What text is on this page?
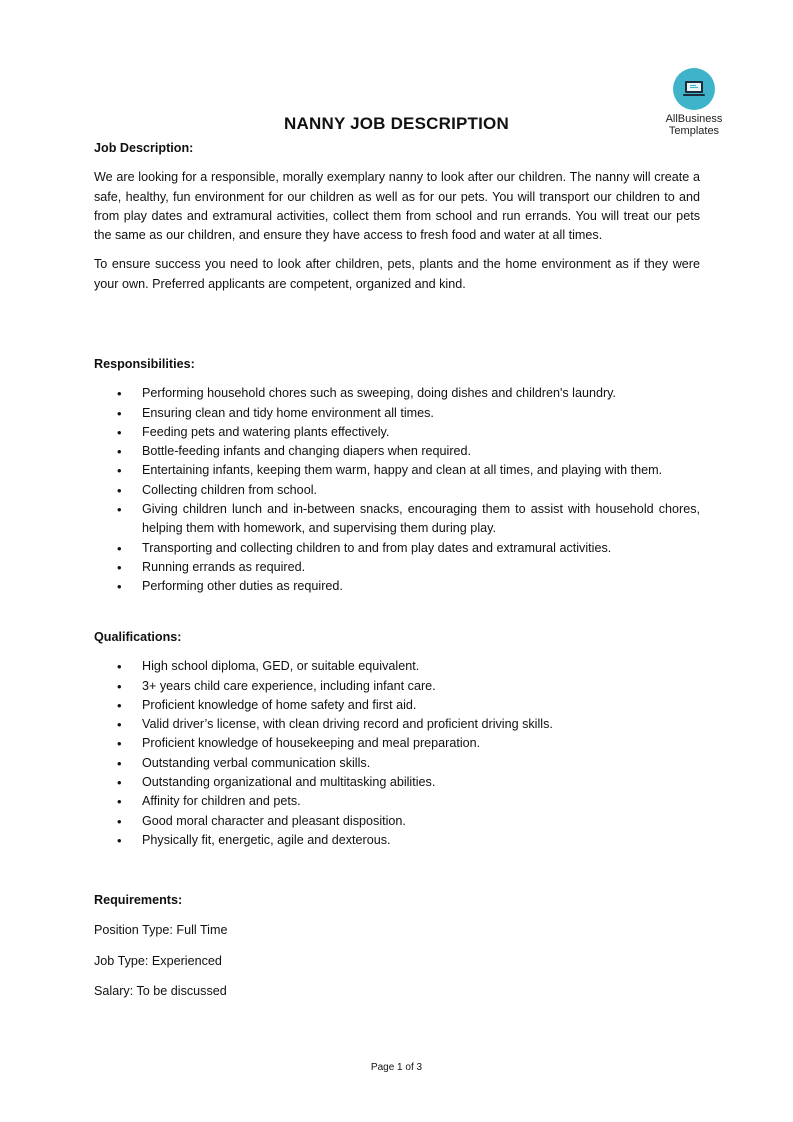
AllBusiness
Templates
NANNY JOB DESCRIPTION
Job Description:
We are looking for a responsible, morally exemplary nanny to look after our children. The nanny will create a safe, healthy, fun environment for our children as well as for our pets. You will transport our children to and from play dates and extramural activities, collect them from school and run errands. You will treat our pets the same as our children, and ensure they have access to fresh food and water at all times.
To ensure success you need to look after children, pets, plants and the home environment as if they were your own. Preferred applicants are competent, organized and kind.
Responsibilities:
• Performing household chores such as sweeping, doing dishes and children's laundry.
• Ensuring clean and tidy home environment all times.
• Feeding pets and watering plants effectively.
• Bottle-feeding infants and changing diapers when required.
• Entertaining infants, keeping them warm, happy and clean at all times, and playing with them.
• Collecting children from school.
• Giving children lunch and in-between snacks, encouraging them to assist with household chores, helping them with homework, and supervising them during play.
• Transporting and collecting children to and from play dates and extramural activities.
• Running errands as required.
• Performing other duties as required.
Qualifications:
• High school diploma, GED, or suitable equivalent.
• 3+ years child care experience, including infant care.
• Proficient knowledge of home safety and first aid.
• Valid driver’s license, with clean driving record and proficient driving skills.
• Proficient knowledge of housekeeping and meal preparation.
• Outstanding verbal communication skills.
• Outstanding organizational and multitasking abilities.
• Affinity for children and pets.
• Good moral character and pleasant disposition.
• Physically fit, energetic, agile and dexterous.
Requirements:
Position Type: Full Time
Job Type: Experienced
Salary: To be discussed
Page 1 of 3
